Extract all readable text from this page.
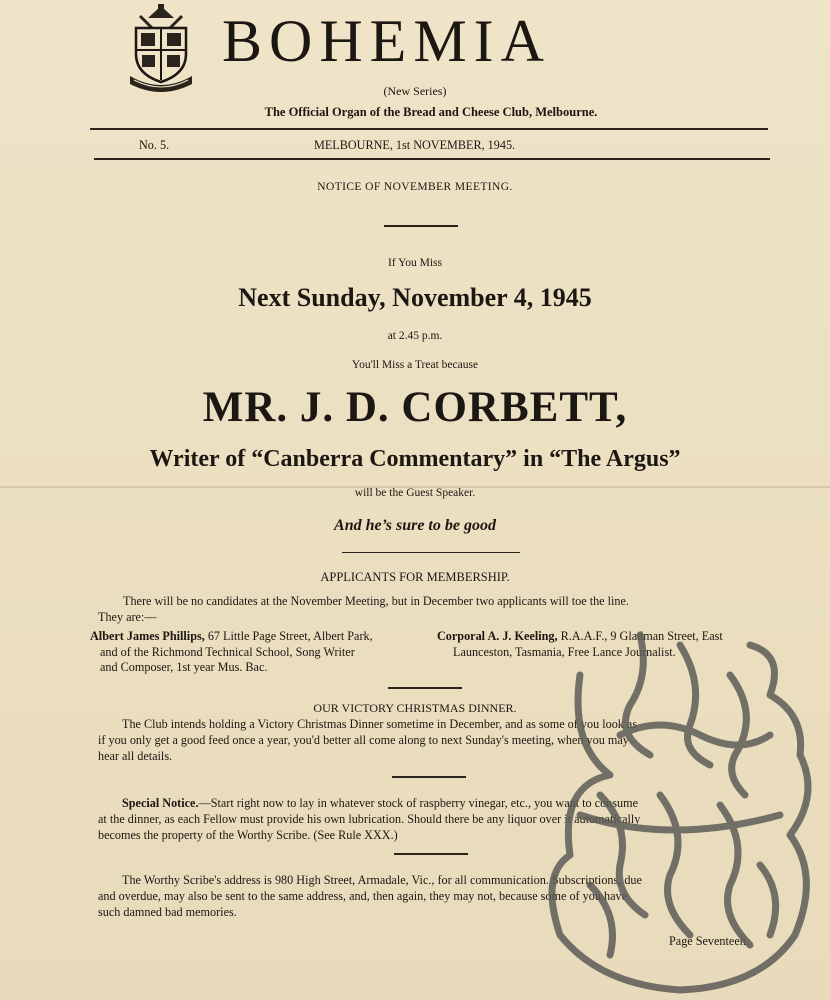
BOHEMIA
(New Series)
The Official Organ of the Bread and Cheese Club, Melbourne.
No. 5.	MELBOURNE, 1st NOVEMBER, 1945.
NOTICE OF NOVEMBER MEETING.
If You Miss
Next Sunday, November 4, 1945
at 2.45 p.m.
You'll Miss a Treat because
MR. J. D. CORBETT,
Writer of “Canberra Commentary” in “The Argus”
will be the Guest Speaker.
And he’s sure to be good
APPLICANTS FOR MEMBERSHIP.
There will be no candidates at the November Meeting, but in December two applicants will toe the line.
They are:—
Albert James Phillips, 67 Little Page Street, Albert Park,
and of the Richmond Technical School, Song Writer
and Composer, 1st year Mus. Bac.
Corporal A. J. Keeling, R.A.A.F., 9 Gladman Street, East
Launceston, Tasmania, Free Lance Journalist.
OUR VICTORY CHRISTMAS DINNER.
The Club intends holding a Victory Christmas Dinner sometime in December, and as some of you look as
if you only get a good feed once a year, you'd better all come along to next Sunday's meeting, when you may
hear all details.
Special Notice.—Start right now to lay in whatever stock of raspberry vinegar, etc., you want to consume
at the dinner, as each Fellow must provide his own lubrication. Should there be any liquor over it automatically
becomes the property of the Worthy Scribe. (See Rule XXX.)
The Worthy Scribe's address is 980 High Street, Armadale, Vic., for all communication. Subscriptions, due
and overdue, may also be sent to the same address, and, then again, they may not, because some of you have
such damned bad memories.
Page Seventeen.
